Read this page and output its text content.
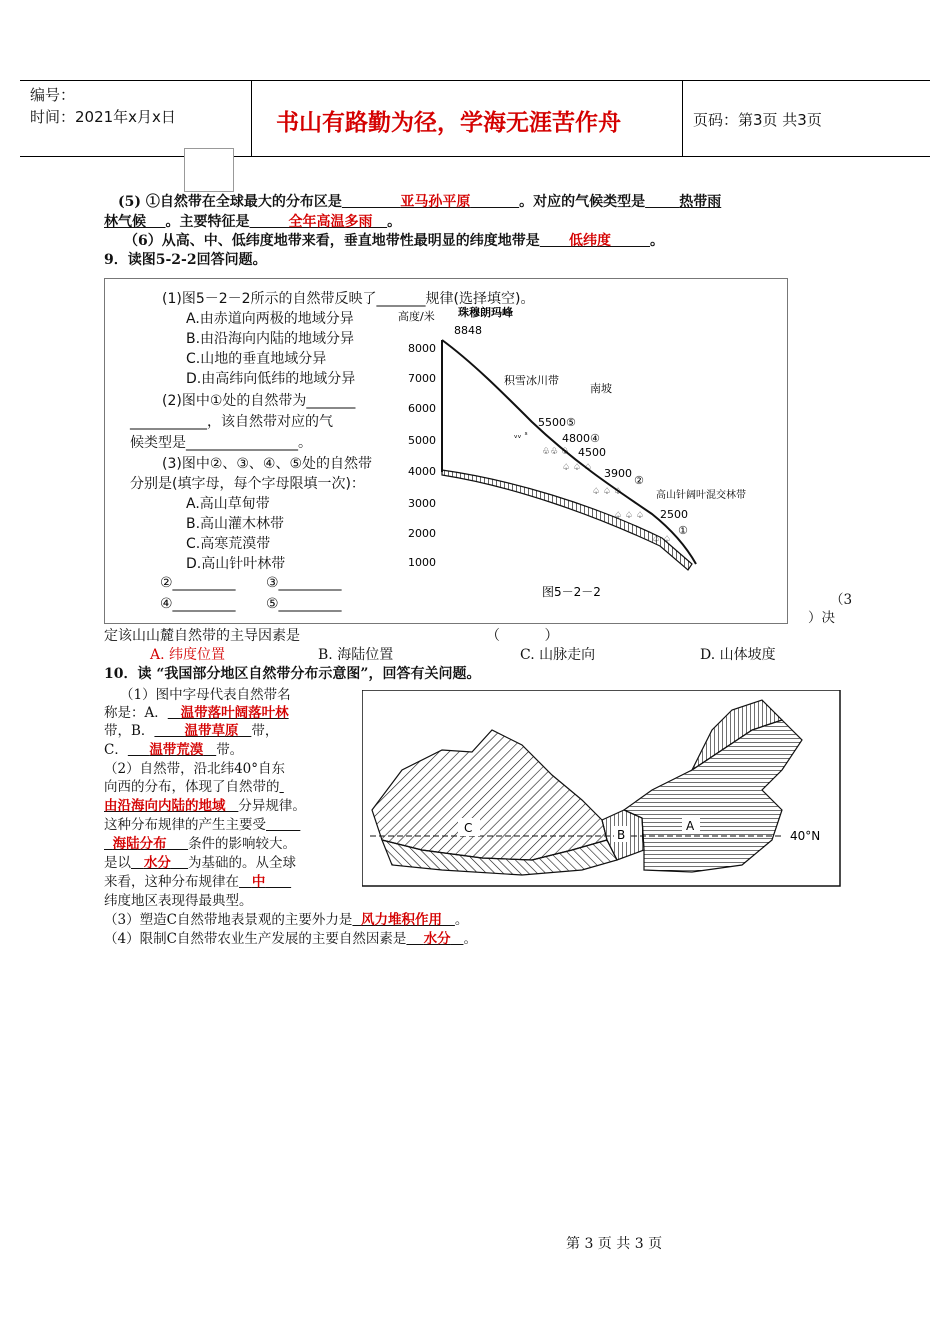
编号：
时间：2021年x月x日	书山有路勤为径，学海无涯苦作舟	页码：第3页 共3页
(5) ①自然带在全球最大的分布区是	亚马孙平原	。对应的气候类型是 热带雨
林气候 。主要特征是	全年高温多雨 。
（6）从高、中、低纬度地带来看，垂直地带性最明显的纬度地带是 低纬度	。
9．读图5-2-2回答问题。
(1)图5－2－2所示的自然带反映了_______规律(选择填空)。
A.由赤道向两极的地域分异
B.由沿海向内陆的地域分异
C.山地的垂直地域分异
D.由高纬向低纬的地域分异
(2)图中①处的自然带为_______
___________，该自然带对应的气
候类型是________________。
(3)图中②、③、④、⑤处的自然带
分别是(填字母，每个字母限填一次)：
A.高山草甸带
B.高山灌木林带
C.高寒荒漠带
D.高山针叶林带
②_________ ③_________
④_________ ⑤_________
高度/米 珠穆朗玛峰
8848
8000
7000
6000
5000
4000
3000
2000
1000
积雪冰川带
南坡
ᵥᵥ ˢ
♧♧ ♧
♤ ♤ ♤
♤ ♤ ♤
♤ ♤ ♤
♤ ♤
5500⑤
4800④
4500
3900
②
2500
①
高山针阔叶混交林带
图5－2－2	（3
）决
定该山山麓自然带的主导因素是	（          ）
A. 纬度位置	B. 海陆位置	C. 山脉走向	D. 山体坡度
10．读 “我国部分地区自然带分布示意图”，回答有关问题。
（1）图中字母代表自然带名
称是：A． 温带落叶阔落叶林
带，B． 温带草原 带，
C． 温带荒漠 带。
（2）自然带，沿北纬40°自东
向西的分布，体现了自然带的
由沿海向内陆的地域 分异规律。
这种分布规律的产生主要受
海陆分布 条件的影响较大。
是以 水分 为基础的。从全球
来看，这种分布规律在 中
纬度地区表现得最典型。
（3）塑造C自然带地表景观的主要外力是 风力堆积作用 。
（4）限制C自然带农业生产发展的主要自然因素是 水分 。
C	B
A
40°N
第 3 页 共 3 页
